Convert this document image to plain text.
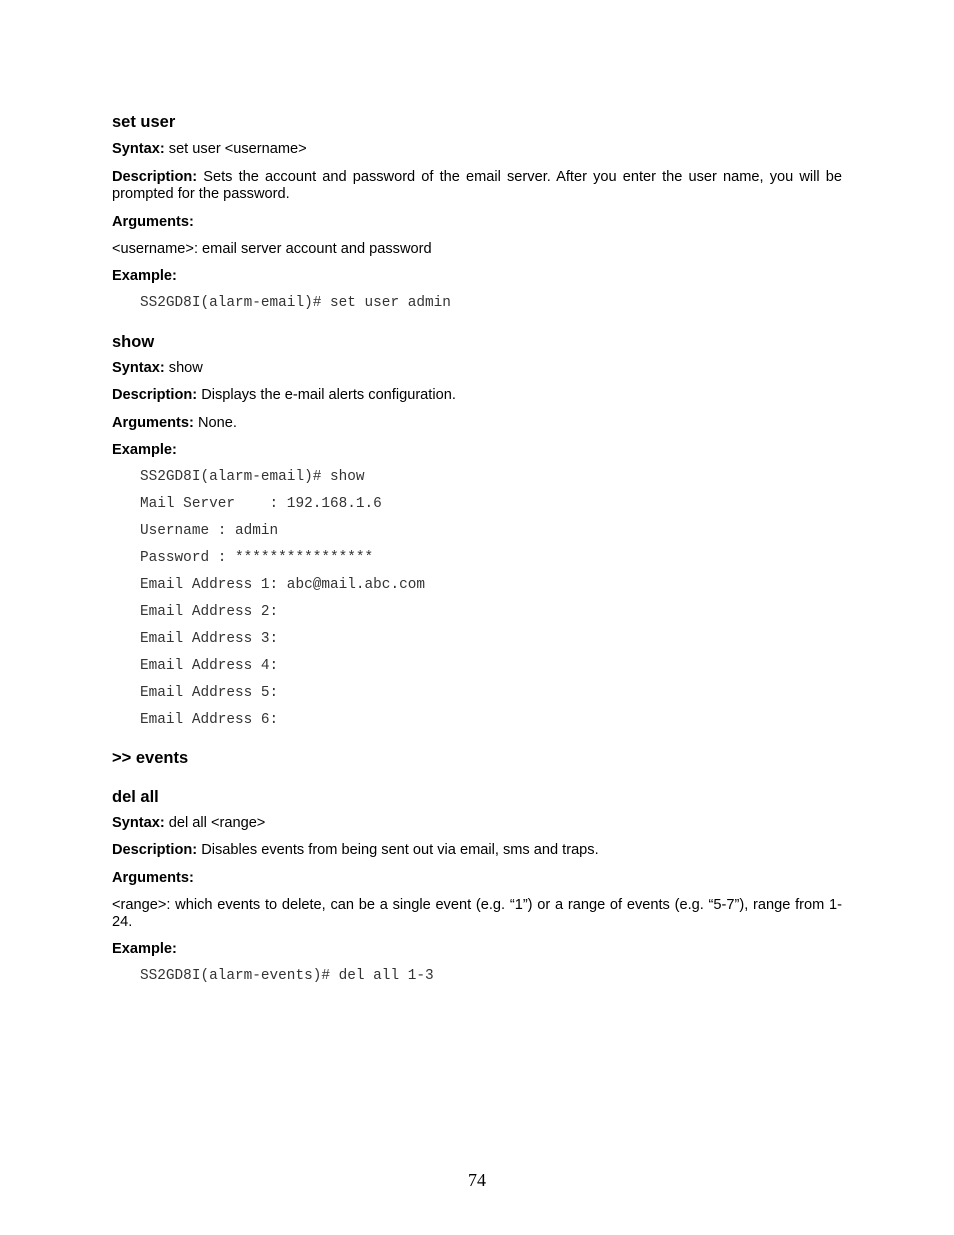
set user

Syntax: set user <username>

Description: Sets the account and password of the email server. After you enter the user name, you will be prompted for the password.

Arguments:

<username>: email server account and password

Example:

SS2GD8I(alarm-email)# set user admin

show

Syntax: show

Description: Displays the e-mail alerts configuration.

Arguments: None.

Example:

SS2GD8I(alarm-email)# show

Mail Server    : 192.168.1.6

Username : admin

Password : ****************

Email Address 1: abc@mail.abc.com

Email Address 2:

Email Address 3:

Email Address 4:

Email Address 5:

Email Address 6:

>> events
del all

Syntax: del all <range>

Description: Disables events from being sent out via email, sms and traps.

Arguments:

<range>: which events to delete, can be a single event (e.g. “1”) or a range of events (e.g. “5-7”), range from 1-24.

Example:

SS2GD8I(alarm-events)# del all 1-3

74
